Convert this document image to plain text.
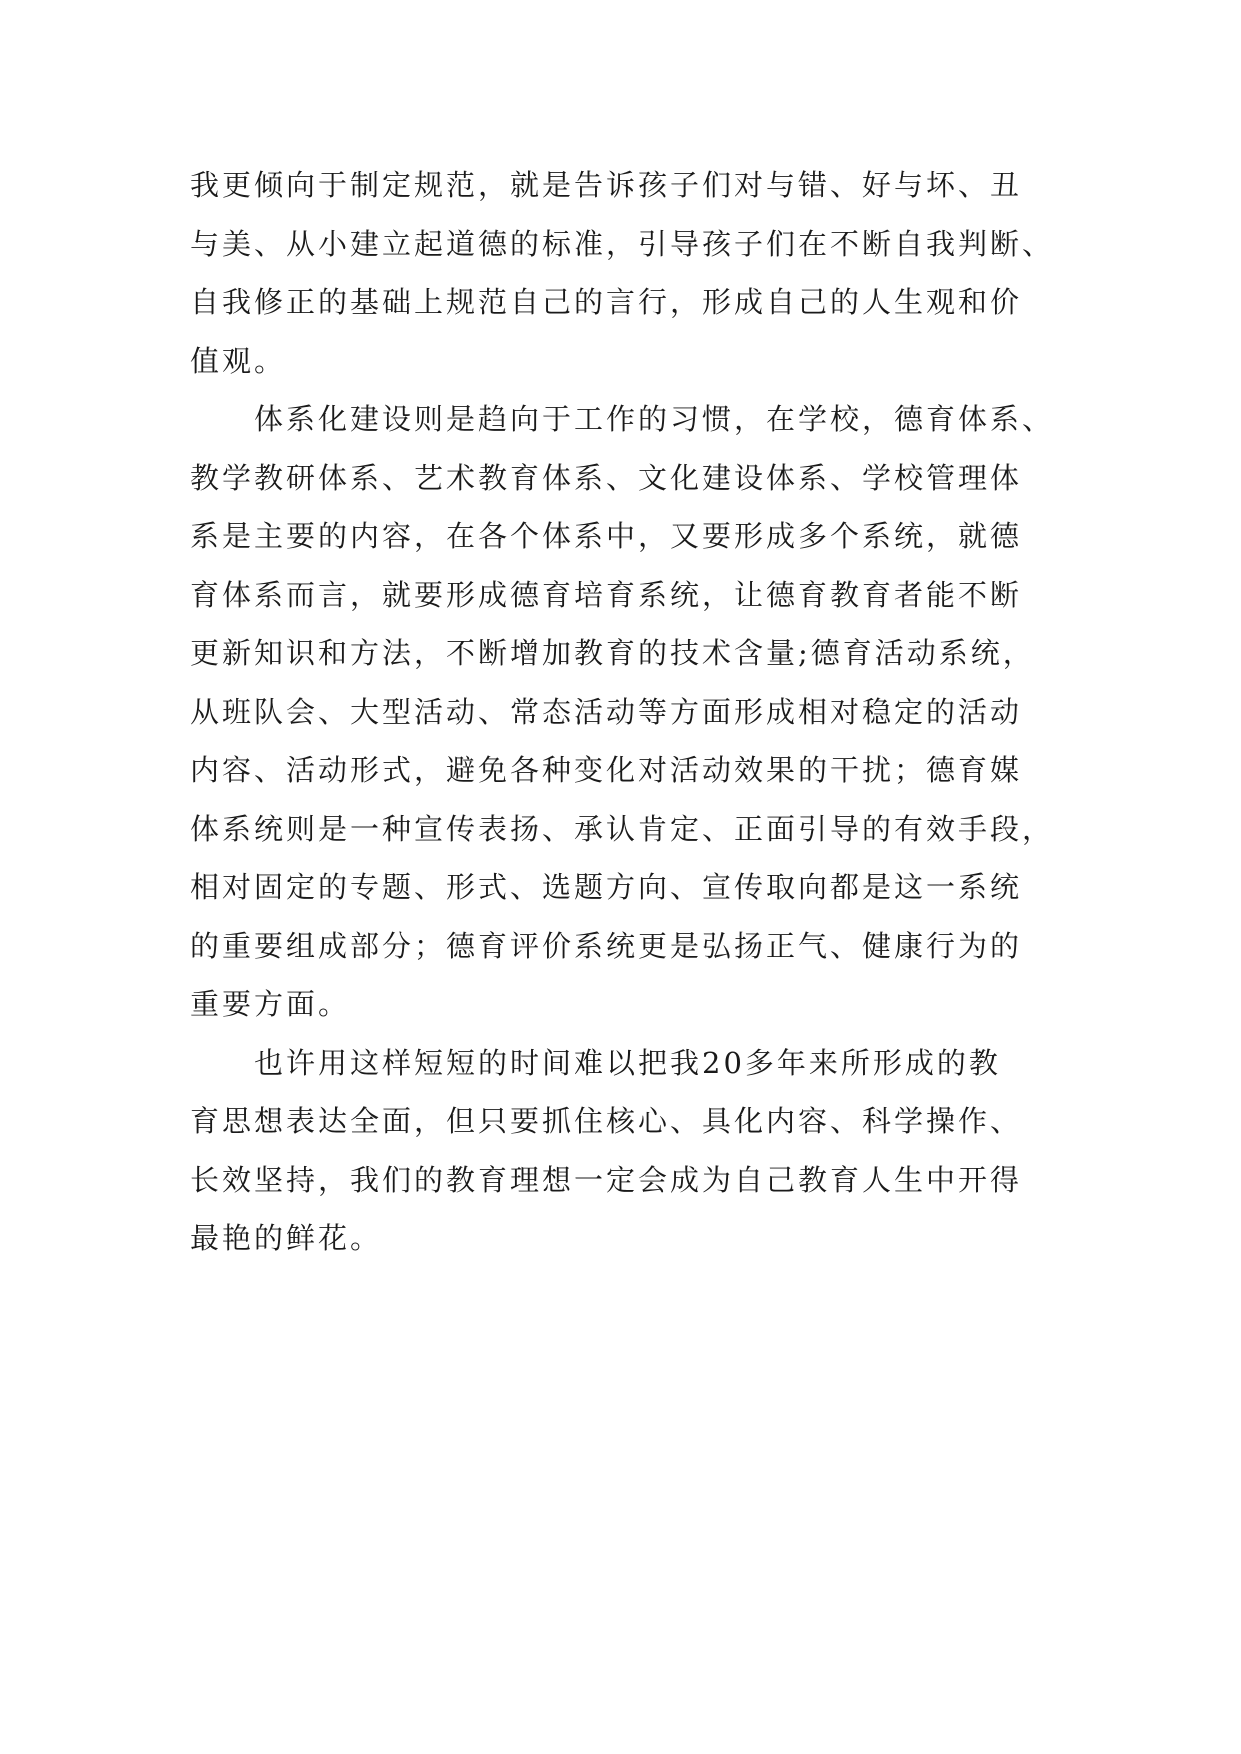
我更倾向于制定规范，就是告诉孩子们对与错、好与坏、丑
与美、从小建立起道德的标准，引导孩子们在不断自我判断、
自我修正的基础上规范自己的言行，形成自己的人生观和价
值观。
体系化建设则是趋向于工作的习惯，在学校，德育体系、
教学教研体系、艺术教育体系、文化建设体系、学校管理体
系是主要的内容，在各个体系中，又要形成多个系统，就德
育体系而言，就要形成德育培育系统，让德育教育者能不断
更新知识和方法，不断增加教育的技术含量;德育活动系统，
从班队会、大型活动、常态活动等方面形成相对稳定的活动
内容、活动形式，避免各种变化对活动效果的干扰；德育媒
体系统则是一种宣传表扬、承认肯定、正面引导的有效手段，
相对固定的专题、形式、选题方向、宣传取向都是这一系统
的重要组成部分；德育评价系统更是弘扬正气、健康行为的
重要方面。
也许用这样短短的时间难以把我20多年来所形成的教
育思想表达全面，但只要抓住核心、具化内容、科学操作、
长效坚持，我们的教育理想一定会成为自己教育人生中开得
最艳的鲜花。
